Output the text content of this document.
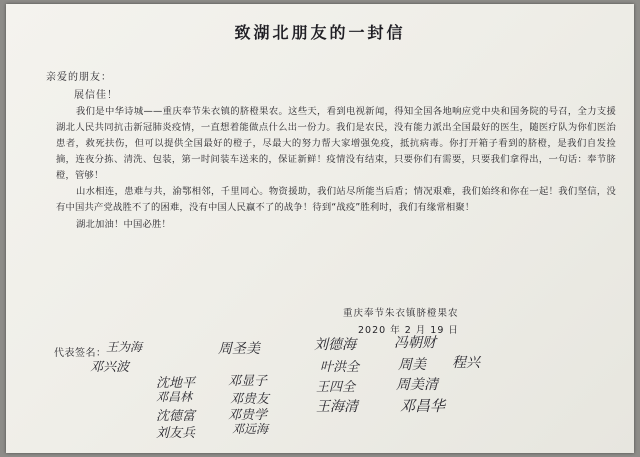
致湖北朋友的一封信
亲爱的朋友：
展信佳！

我们是中华诗城——重庆奉节朱衣镇的脐橙果农。这些天，看到电视新闻，得知全国各地响应党中央和国务院的号召，全力支援湖北人民共同抗击新冠肺炎疫情，一直想着能做点什么出一份力。我们是农民，没有能力派出全国最好的医生，随医疗队为你们医治患者，救死扶伤，但可以提供全国最好的橙子，尽最大的努力帮大家增强免疫，抵抗病毒。你打开箱子看到的脐橙，是我们自发捡摘，连夜分拣、清洗、包装，第一时间装车送来的，保证新鲜！疫情没有结束，只要你们有需要，只要我们拿得出，一句话：奉节脐橙，管够！

山水相连，患难与共，渝鄂相邻，千里同心。物资援助，我们站尽所能当后盾；情况艰难，我们始终和你在一起！我们坚信，没有中国共产党战胜不了的困难，没有中国人民赢不了的战争！待到“战疫”胜利时，我们有缘常相聚！

湖北加油！中国必胜！

重庆奉节朱衣镇脐橙果农
2020 年 2 月 19 日
代表签名： 王为海	周圣美	刘德海	冯朝财
邓兴波
沈地平	邓显子
叶洪全	周美 程兴
邓昌林	邓贵友
王四全	周美清
沈德富	邓贵学
王海清	邓昌华
刘友兵	邓远海
